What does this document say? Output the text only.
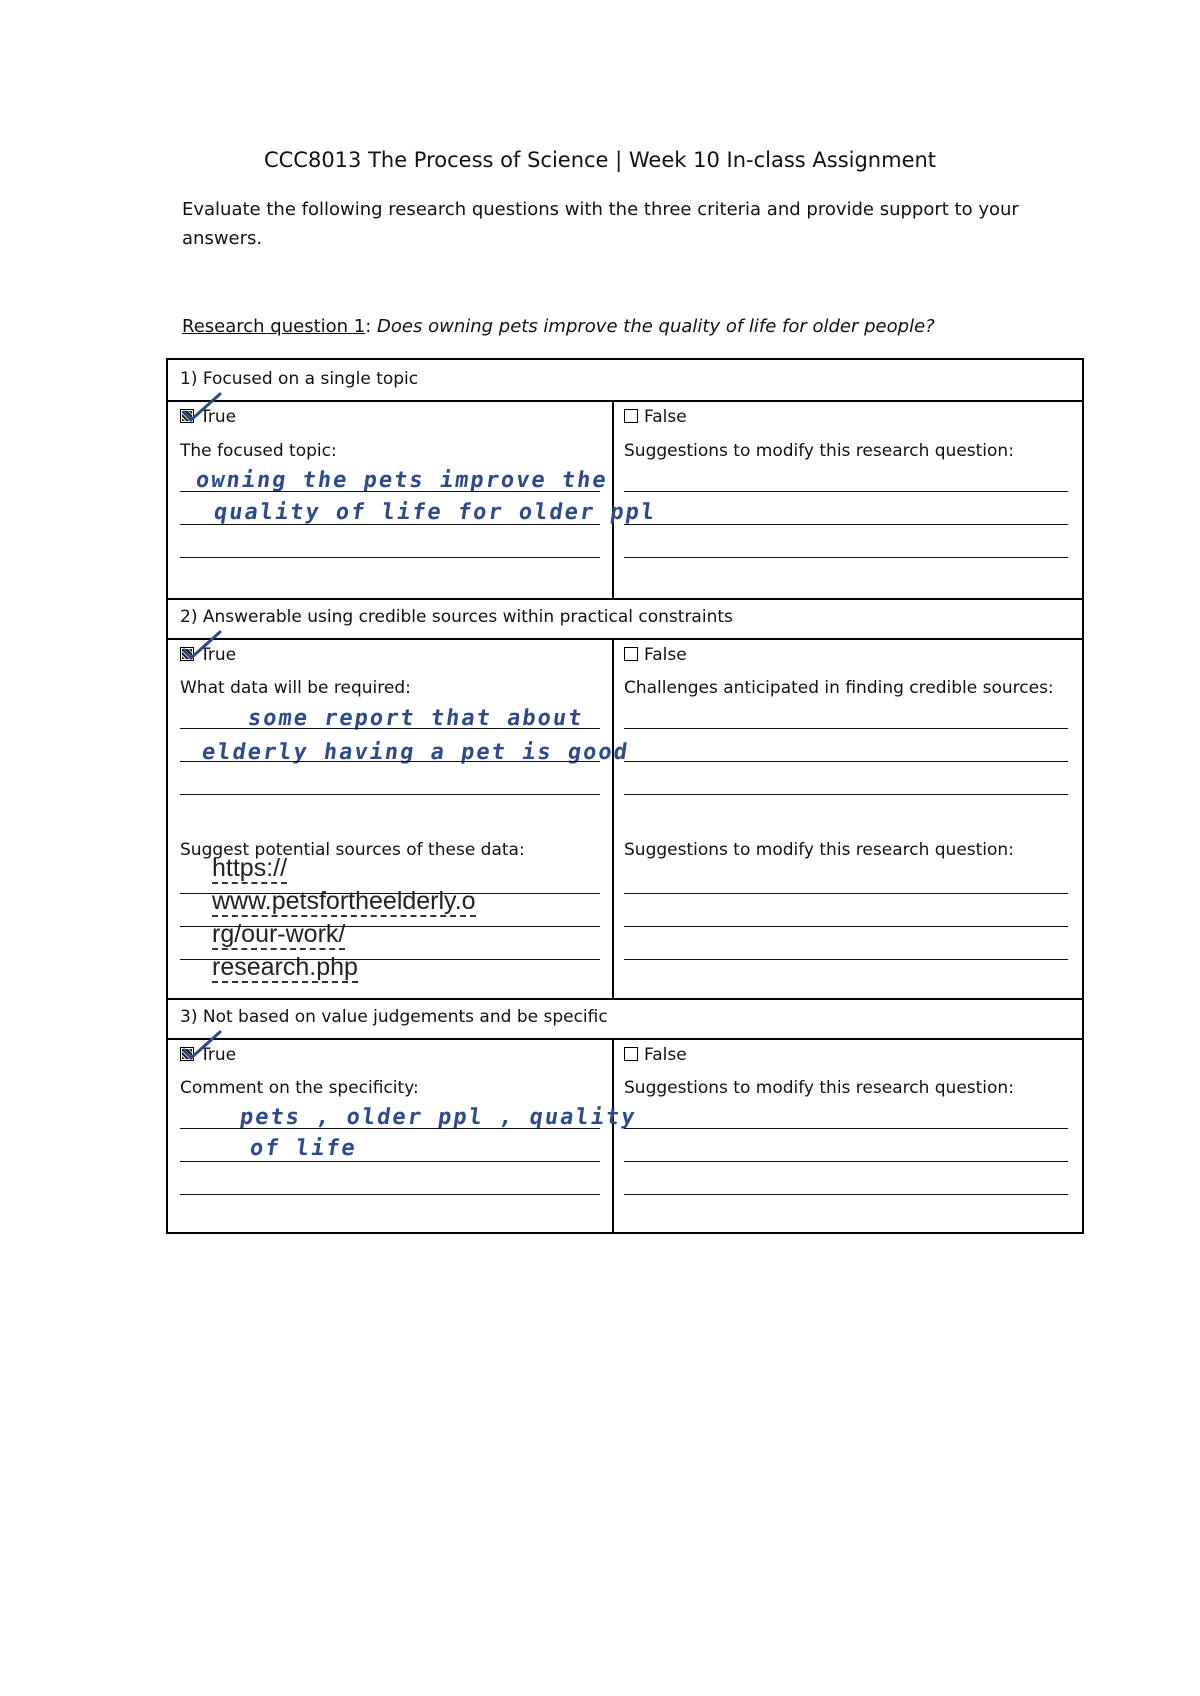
CCC8013 The Process of Science | Week 10 In-class Assignment
Evaluate the following research questions with the three criteria and provide support to your answers.
Research question 1: Does owning pets improve the quality of life for older people?
1) Focused on a single topic
True
The focused topic:
False
Suggestions to modify this research question:
owning the pets improve the
quality of life for older ppl
2) Answerable using credible sources within practical constraints
True
What data will be required:
False
Challenges anticipated in finding credible sources:
some report that about
elderly having a pet is good
Suggest potential sources of these data:	Suggestions to modify this research question:
https://
www.petsfortheelderly.o
rg/our-work/
research.php
3) Not based on value judgements and be specific
True
Comment on the specificity:
False
Suggestions to modify this research question:
pets , older ppl , quality
of life
